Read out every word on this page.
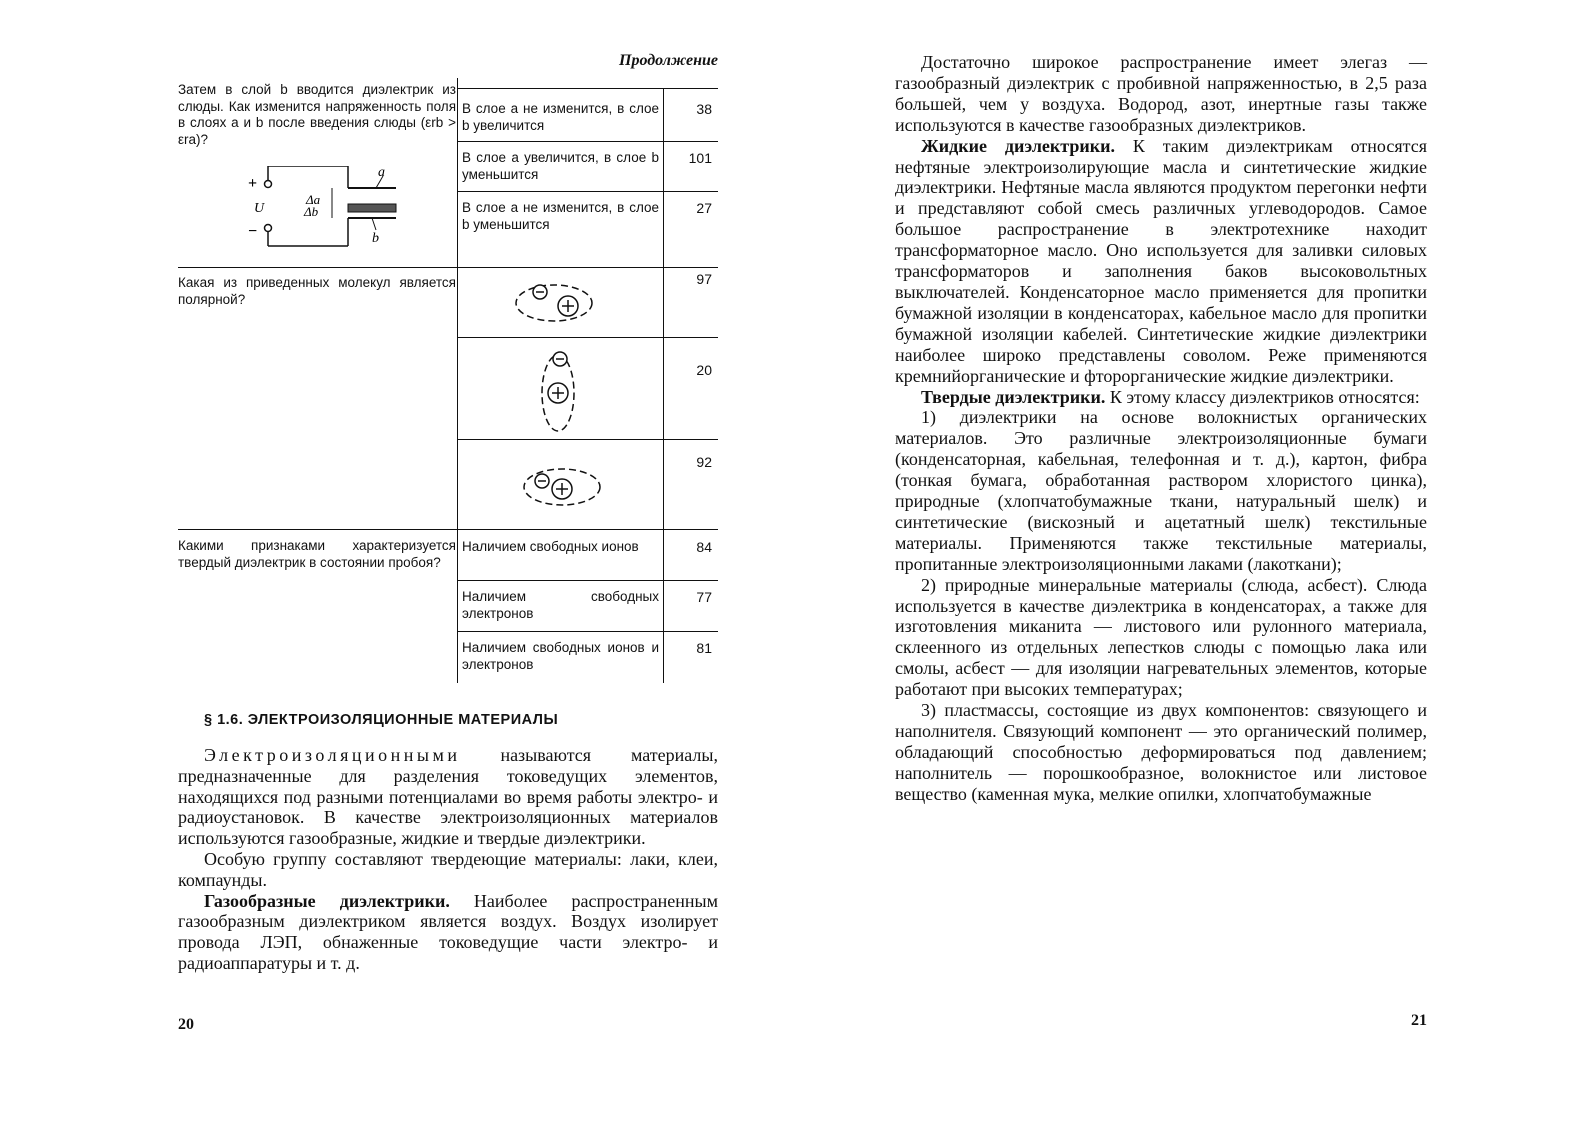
Продолжение
Затем в слой b вводится диэлектрик из слюды. Как изменится напряженность поля в слоях a и b после введения слюды (εrb > εra)?
+
−
U
Δa
Δb
a
b
В слое a не изменится, в слое b увеличится
38
В слое a увеличится, в слое b уменьшится
101
В слое a не изменится, в слое b уменьшится
27
Какая из приведенных молекул является полярной?
97
20
92
Какими признаками характеризуется твердый диэлектрик в состоянии пробоя?
Наличием свободных ионов	84
Наличием свободных электронов
77
Наличием свободных ионов и электронов
81
§ 1.6. ЭЛЕКТРОИЗОЛЯЦИОННЫЕ МАТЕРИАЛЫ

Электроизоляционными называются материалы, предназначенные для разделения токоведущих элементов, находящихся под разными потенциалами во время работы электро- и радиоустановок. В качестве электроизоляционных материалов используются газообразные, жидкие и твердые диэлектрики.

Особую группу составляют твердеющие материалы: лаки, клеи, компаунды.

Газообразные диэлектрики. Наиболее распространенным газообразным диэлектриком является воздух. Воздух изолирует провода ЛЭП, обнаженные токоведущие части электро- и радиоаппаратуры и т. д.

20

Достаточно широкое распространение имеет элегаз — газообразный диэлектрик с пробивной напряженностью, в 2,5 раза большей, чем у воздуха. Водород, азот, инертные газы также используются в качестве газообразных диэлектриков.

Жидкие диэлектрики. К таким диэлектрикам относятся нефтяные электроизолирующие масла и синтетические жидкие диэлектрики. Нефтяные масла являются продуктом перегонки нефти и представляют собой смесь различных углеводородов. Самое большое распространение в электротехнике находит трансформаторное масло. Оно используется для заливки силовых трансформаторов и заполнения баков высоковольтных выключателей. Конденсаторное масло применяется для пропитки бумажной изоляции в конденсаторах, кабельное масло для пропитки бумажной изоляции кабелей. Синтетические жидкие диэлектрики наиболее широко представлены соволом. Реже применяются кремнийорганические и фторорганические жидкие диэлектрики.

Твердые диэлектрики. К этому классу диэлектриков относятся:

1) диэлектрики на основе волокнистых органических материалов. Это различные электроизоляционные бумаги (конденсаторная, кабельная, телефонная и т. д.), картон, фибра (тонкая бумага, обработанная раствором хлористого цинка), природные (хлопчатобумажные ткани, натуральный шелк) и синтетические (вискозный и ацетатный шелк) текстильные материалы. Применяются также текстильные материалы, пропитанные электроизоляционными лаками (лакоткани);

2) природные минеральные материалы (слюда, асбест). Слюда используется в качестве диэлектрика в конденсаторах, а также для изготовления миканита — листового или рулонного материала, склеенного из отдельных лепестков слюды с помощью лака или смолы, асбест — для изоляции нагревательных элементов, которые работают при высоких температурах;

3) пластмассы, состоящие из двух компонентов: связующего и наполнителя. Связующий компонент — это органический полимер, обладающий способностью деформироваться под давлением; наполнитель — порошкообразное, волокнистое или листовое вещество (каменная мука, мелкие опилки, хлопчатобумажные

21
